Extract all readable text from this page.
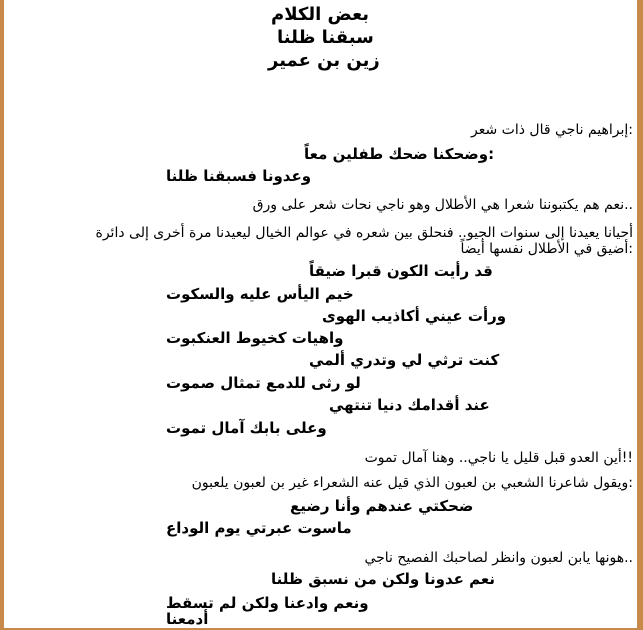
بعض الكلام

سبقنا ظلنا

زين بن عمير

إبراهيم ناجي قال ذات شعر:

وضحكنا ضحك طفلين معاً:

وعدونا فسبقنا ظلنا

نعم هم يكتبوننا شعرا هي الأطلال وهو ناجي نحات شعر على ورق..

أحيانا يعيدنا إلى سنوات الجيو.. فنحلق بين شعره في عوالم الخيال ليعيدنا مرة أخرى إلى دائرة

أضيق في الأطلال نفسها أيضاً:

قد رأيت الكون قبرا ضيقاً

خيم اليأس عليه والسكوت

ورأت عيني أكاذيب الهوى

واهيات كخيوط العنكبوت

كنت ترثي لي وتدري ألمي

لو رثى للدمع تمثال صموت

عند أقدامك دنيا تنتهي

وعلى بابك آمال تموت

أين العدو قبل قليل يا ناجي.. وهنا آمال تموت!!

ويقول شاعرنا الشعبي بن لعبون الذي قيل عنه الشعراء غير بن لعبون يلعبون:

ضحكتي عندهم وأنا رضيع

ماسوت عبرتي يوم الوداع

هونها يابن لعبون وانظر لصاحبك الفصيح ناجي..

نعم عدونا ولكن من نسبق ظلنا

ونعم وادعنا ولكن لم تسقط

أدمعنا
